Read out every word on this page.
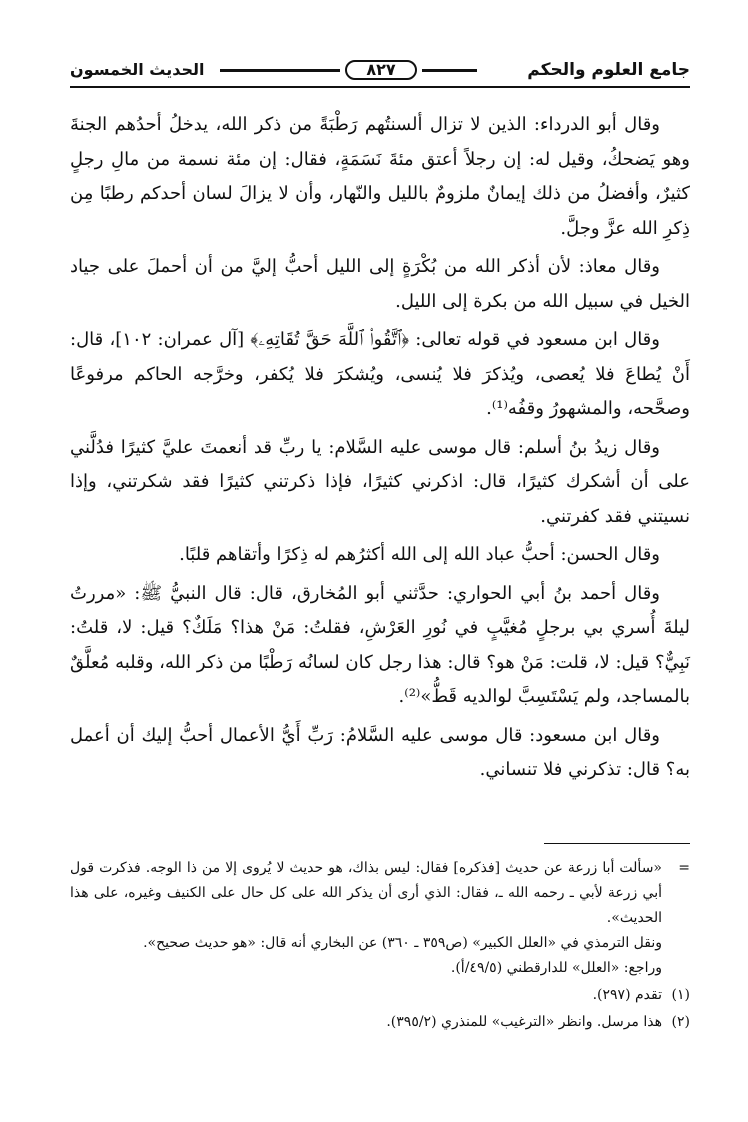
جامع العلوم والحكم
٨٢٧
الحديث الخمسون

وقال أبو الدرداء: الذين لا تزال ألسنتُهم رَطْبَةً من ذكر الله، يدخلُ أحدُهم الجنةَ وهو يَضحكُ، وقيل له: إن رجلاً أعتق مئةَ نَسَمَةٍ، فقال: إن مئة نسمة من مالِ رجلٍ كثيرٌ، وأفضلُ من ذلك إيمانٌ ملزومٌ بالليل والنّهار، وأن لا يزالَ لسان أحدكم رطبًا مِن ذِكرِ الله عزَّ وجلَّ.

وقال معاذ: لأن أذكر الله من بُكْرَةٍ إلى الليل أحبُّ إليَّ من أن أحملَ على جياد الخيل في سبيل الله من بكرة إلى الليل.

وقال ابن مسعود في قوله تعالى: ﴿ٱتَّقُوا۟ ٱللَّهَ حَقَّ تُقَاتِهِۦ﴾ [آل عمران: ١٠٢]، قال: أَنْ يُطاعَ فلا يُعصى، ويُذكرَ فلا يُنسى، ويُشكرَ فلا يُكفر، وخرَّجه الحاكم مرفوعًا وصحَّحه، والمشهورُ وقفُه⁽¹⁾.

وقال زيدُ بنُ أسلم: قال موسى عليه السَّلام: يا ربِّ قد أنعمتَ عليَّ كثيرًا فدُلَّني على أن أشكرك كثيرًا، قال: اذكرني كثيرًا، فإذا ذكرتني كثيرًا فقد شكرتني، وإذا نسيتني فقد كفرتني.

وقال الحسن: أحبُّ عباد الله إلى الله أكثرُهم له ذِكرًا وأتقاهم قلبًا.

وقال أحمد بنُ أبي الحواري: حدَّثني أبو المُخارق، قال: قال النبيُّ ﷺ: «مررتُ ليلةَ أُسري بي برجلٍ مُغيَّبٍ في نُورِ العَرْشِ، فقلتُ: مَنْ هذا؟ مَلَكٌ؟ قيل: لا، قلتُ: نَبِيٌّ؟ قيل: لا، قلت: مَنْ هو؟ قال: هذا رجل كان لسانُه رَطْبًا من ذكر الله، وقلبه مُعلَّقٌ بالمساجد، ولم يَسْتَسِبَّ لوالديه قَطُّ»⁽²⁾.

وقال ابن مسعود: قال موسى عليه السَّلامُ: رَبِّ أَيُّ الأعمال أحبُّ إليك أن أعمل به؟ قال: تذكرني فلا تنساني.

=
«سألت أبا زرعة عن حديث [فذكره] فقال: ليس بذاك، هو حديث لا يُروى إلا من ذا الوجه. فذكرت قول أبي زرعة لأبي ـ رحمه الله ـ، فقال: الذي أرى أن يذكر الله على كل حال على الكنيف وغيره، على هذا الحديث».

ونقل الترمذي في «العلل الكبير» (ص٣٥٩ ـ ٣٦٠) عن البخاري أنه قال: «هو حديث صحيح».

وراجع: «العلل» للدارقطني (٤٩/٥/أ).

(١)
تقدم (٢٩٧).

(٢)
هذا مرسل. وانظر «الترغيب» للمنذري (٣٩٥/٢).
